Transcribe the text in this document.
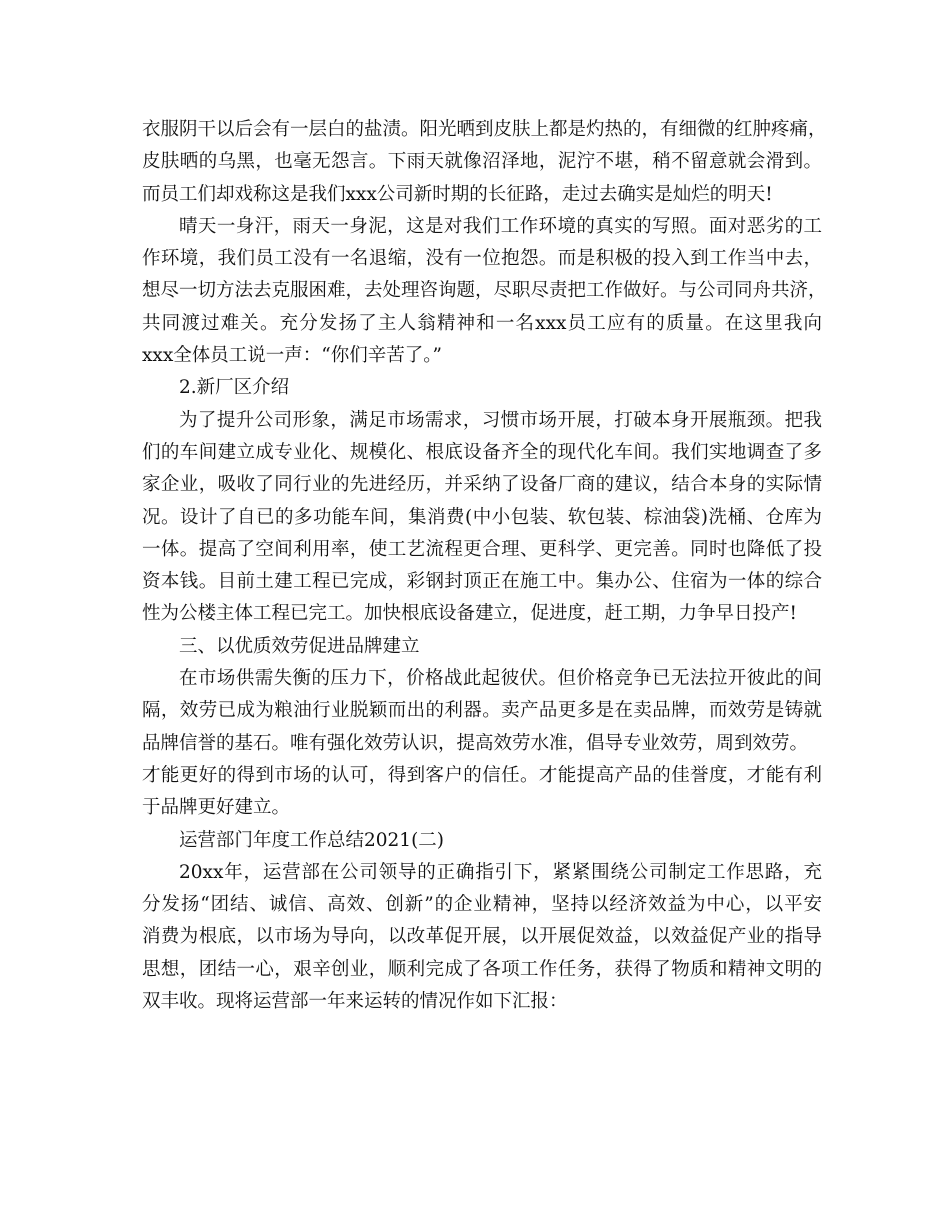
衣服阴干以后会有一层白的盐渍。阳光晒到皮肤上都是灼热的，有细微的红肿疼痛，
皮肤晒的乌黑，也毫无怨言。下雨天就像沼泽地，泥泞不堪，稍不留意就会滑到。
而员工们却戏称这是我们xxx公司新时期的长征路，走过去确实是灿烂的明天!
晴天一身汗，雨天一身泥，这是对我们工作环境的真实的写照。面对恶劣的工
作环境，我们员工没有一名退缩，没有一位抱怨。而是积极的投入到工作当中去，
想尽一切方法去克服困难，去处理咨询题，尽职尽责把工作做好。与公司同舟共济，
共同渡过难关。充分发扬了主人翁精神和一名xxx员工应有的质量。在这里我向
xxx全体员工说一声：“你们辛苦了。”
2.新厂区介绍
为了提升公司形象，满足市场需求，习惯市场开展，打破本身开展瓶颈。把我
们的车间建立成专业化、规模化、根底设备齐全的现代化车间。我们实地调查了多
家企业，吸收了同行业的先进经历，并采纳了设备厂商的建议，结合本身的实际情
况。设计了自已的多功能车间，集消费(中小包装、软包装、棕油袋)洗桶、仓库为
一体。提高了空间利用率，使工艺流程更合理、更科学、更完善。同时也降低了投
资本钱。目前土建工程已完成，彩钢封顶正在施工中。集办公、住宿为一体的综合
性为公楼主体工程已完工。加快根底设备建立，促进度，赶工期，力争早日投产!
三、以优质效劳促进品牌建立
在市场供需失衡的压力下，价格战此起彼伏。但价格竞争已无法拉开彼此的间
隔，效劳已成为粮油行业脱颖而出的利器。卖产品更多是在卖品牌，而效劳是铸就
品牌信誉的基石。唯有强化效劳认识，提高效劳水准，倡导专业效劳，周到效劳。
才能更好的得到市场的认可，得到客户的信任。才能提高产品的佳誉度，才能有利
于品牌更好建立。
运营部门年度工作总结2021(二)
20xx年，运营部在公司领导的正确指引下，紧紧围绕公司制定工作思路，充
分发扬“团结、诚信、高效、创新”的企业精神，坚持以经济效益为中心，以平安
消费为根底，以市场为导向，以改革促开展，以开展促效益，以效益促产业的指导
思想，团结一心，艰辛创业，顺利完成了各项工作任务，获得了物质和精神文明的
双丰收。现将运营部一年来运转的情况作如下汇报：
